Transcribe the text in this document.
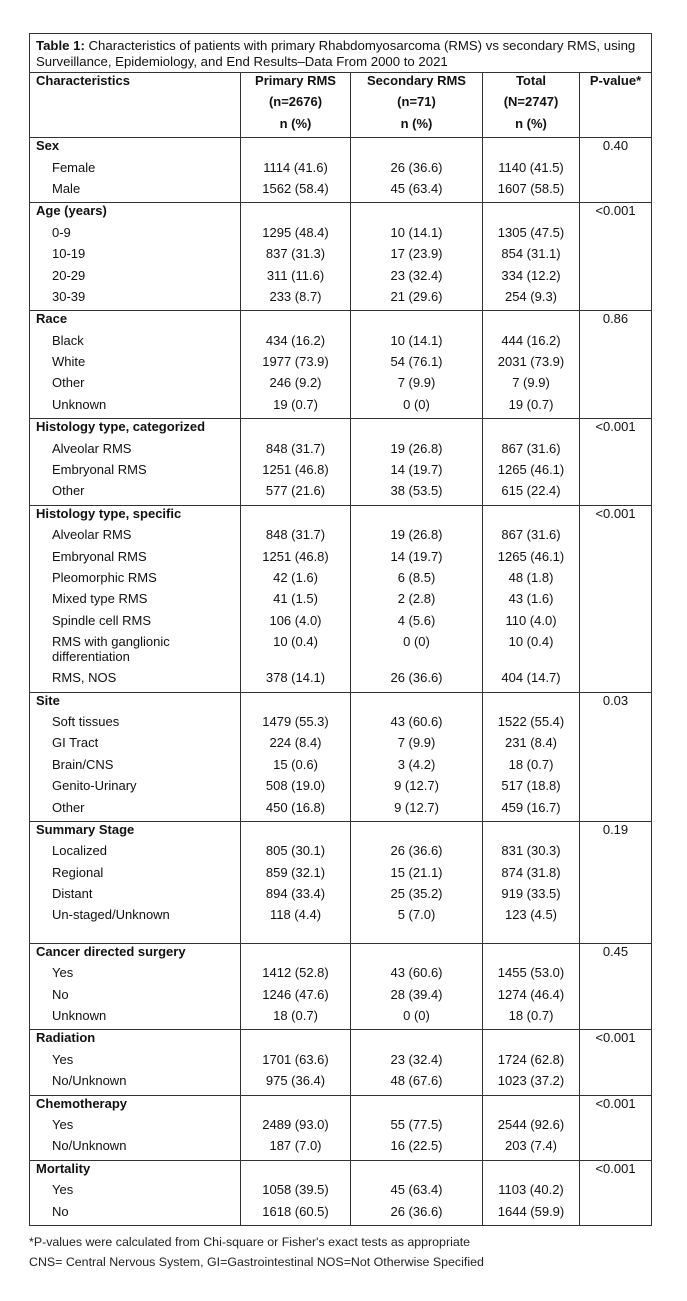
Table 1: Characteristics of patients with primary Rhabdomyosarcoma (RMS) vs secondary RMS, using Surveillance, Epidemiology, and End Results–Data From 2000 to 2021				
Characteristics	Primary RMS	Secondary RMS	Total	P-value*
	(n=2676)	(n=71)	(N=2747)	
	n (%)	n (%)	n (%)	
Sex				0.40
Female	1114 (41.6)	26 (36.6)	1140 (41.5)	
Male	1562 (58.4)	45 (63.4)	1607 (58.5)	
Age (years)				<0.001
0-9	1295 (48.4)	10 (14.1)	1305 (47.5)	
10-19	837 (31.3)	17 (23.9)	854 (31.1)	
20-29	311 (11.6)	23 (32.4)	334 (12.2)	
30-39	233 (8.7)	21 (29.6)	254 (9.3)	
Race				0.86
Black	434 (16.2)	10 (14.1)	444 (16.2)	
White	1977 (73.9)	54 (76.1)	2031 (73.9)	
Other	246 (9.2)	7 (9.9)	7 (9.9)	
Unknown	19 (0.7)	0 (0)	19 (0.7)	
Histology type, categorized				<0.001
Alveolar RMS	848 (31.7)	19 (26.8)	867 (31.6)	
Embryonal RMS	1251 (46.8)	14 (19.7)	1265 (46.1)	
Other	577 (21.6)	38 (53.5)	615 (22.4)	
Histology type, specific				<0.001
Alveolar RMS	848 (31.7)	19 (26.8)	867 (31.6)	
Embryonal RMS	1251 (46.8)	14 (19.7)	1265 (46.1)	
Pleomorphic RMS	42 (1.6)	6 (8.5)	48 (1.8)	
Mixed type RMS	41 (1.5)	2 (2.8)	43 (1.6)	
Spindle cell RMS	106 (4.0)	4 (5.6)	110 (4.0)	
RMS with ganglionic differentiation	10 (0.4)	0 (0)	10 (0.4)	
RMS, NOS	378 (14.1)	26 (36.6)	404 (14.7)	
Site				0.03
Soft tissues	1479 (55.3)	43 (60.6)	1522 (55.4)	
GI Tract	224 (8.4)	7 (9.9)	231 (8.4)	
Brain/CNS	15 (0.6)	3 (4.2)	18 (0.7)	
Genito-Urinary	508 (19.0)	9 (12.7)	517 (18.8)	
Other	450 (16.8)	9 (12.7)	459 (16.7)	
Summary Stage				0.19
Localized	805 (30.1)	26 (36.6)	831 (30.3)	
Regional	859 (32.1)	15 (21.1)	874 (31.8)	
Distant	894 (33.4)	25 (35.2)	919 (33.5)	
Un-staged/Unknown	118 (4.4)	5 (7.0)	123 (4.5)	

Cancer directed surgery				0.45
Yes	1412 (52.8)	43 (60.6)	1455 (53.0)	
No	1246 (47.6)	28 (39.4)	1274 (46.4)	
Unknown	18 (0.7)	0 (0)	18 (0.7)	
Radiation				<0.001
Yes	1701 (63.6)	23 (32.4)	1724 (62.8)	
No/Unknown	975 (36.4)	48 (67.6)	1023 (37.2)	
Chemotherapy				<0.001
Yes	2489 (93.0)	55 (77.5)	2544 (92.6)	
No/Unknown	187 (7.0)	16 (22.5)	203 (7.4)	
Mortality				<0.001
Yes	1058 (39.5)	45 (63.4)	1103 (40.2)	
No	1618 (60.5)	26 (36.6)	1644 (59.9)	
*P-values were calculated from Chi-square or Fisher's exact tests as appropriate
CNS= Central Nervous System, GI=Gastrointestinal NOS=Not Otherwise Specified
